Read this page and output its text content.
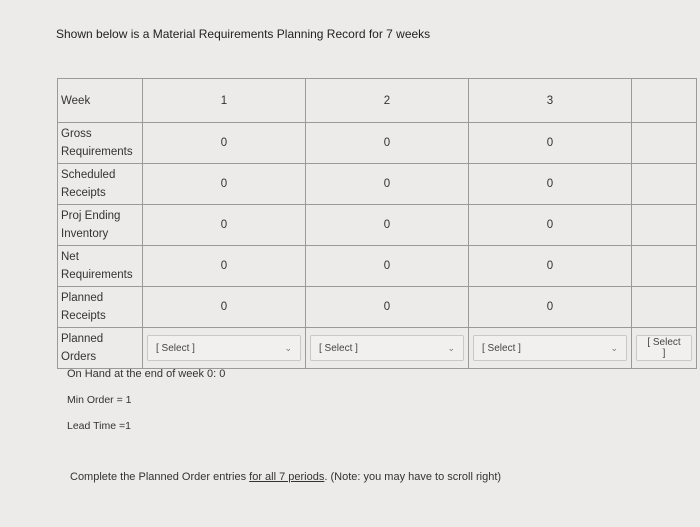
Shown below is a Material Requirements Planning Record for 7 weeks
Week	1	2	3	
Gross Requirements	0	0	0	
Scheduled Receipts	0	0	0	
Proj Ending Inventory	0	0	0	
Net Requirements	0	0	0	
Planned Receipts	0	0	0	
Planned Orders	[ Select ] ⌄	[ Select ] ⌄	[ Select ] ⌄	[ Select ]
On Hand at the end of week 0: 0
Min Order = 1
Lead Time =1
Complete the Planned Order entries for all 7 periods. (Note: you may have to scroll right)
